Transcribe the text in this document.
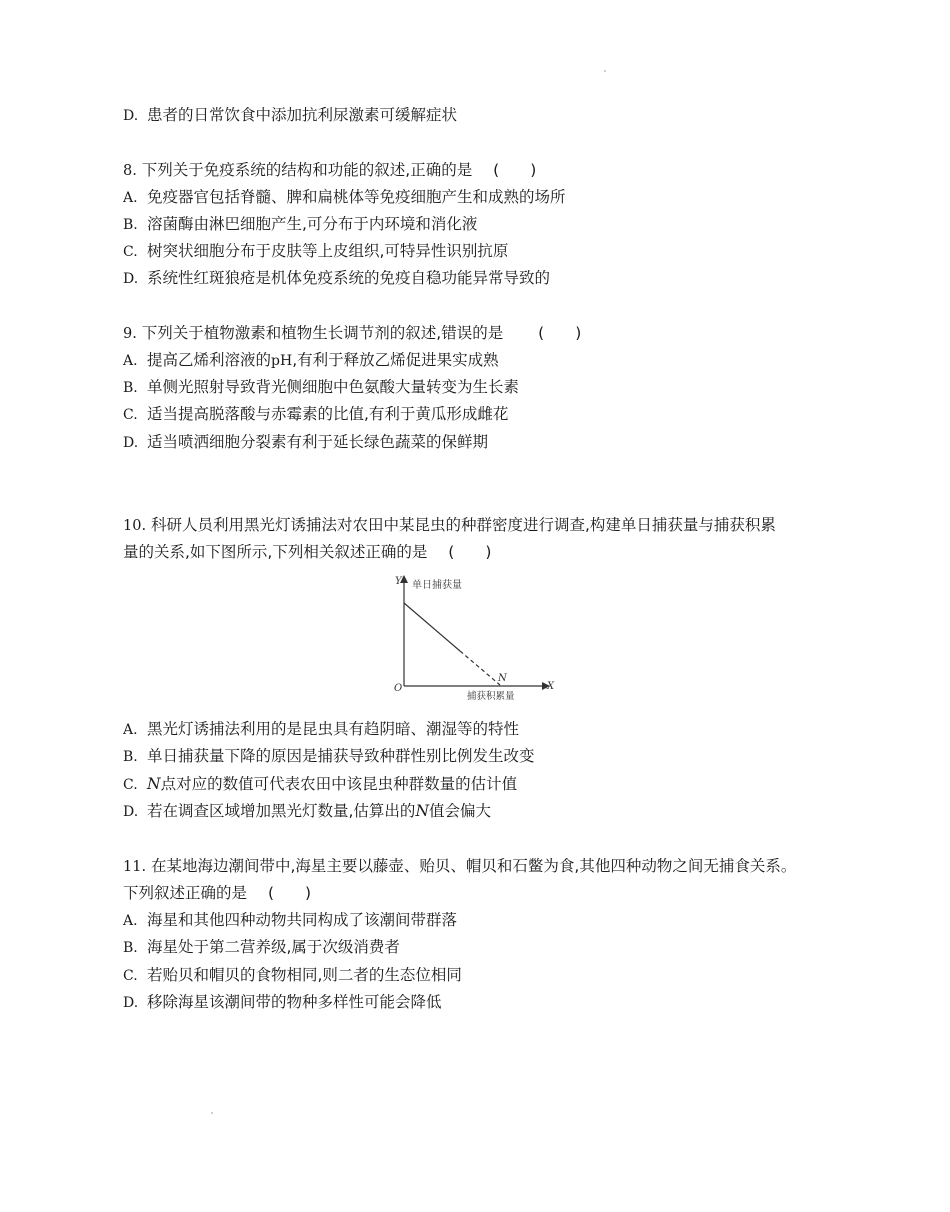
D. 患者的日常饮食中添加抗利尿激素可缓解症状
8. 下列关于免疫系统的结构和功能的叙述,正确的是 (　　)
A. 免疫器官包括脊髓、脾和扁桃体等免疫细胞产生和成熟的场所
B. 溶菌酶由淋巴细胞产生,可分布于内环境和消化液
C. 树突状细胞分布于皮肤等上皮组织,可特异性识别抗原
D. 系统性红斑狼疮是机体免疫系统的免疫自稳功能异常导致的
9. 下列关于植物激素和植物生长调节剂的叙述,错误的是 (　　)
A. 提高乙烯利溶液的pH,有利于释放乙烯促进果实成熟
B. 单侧光照射导致背光侧细胞中色氨酸大量转变为生长素
C. 适当提高脱落酸与赤霉素的比值,有利于黄瓜形成雌花
D. 适当喷洒细胞分裂素有利于延长绿色蔬菜的保鲜期
10. 科研人员利用黑光灯诱捕法对农田中某昆虫的种群密度进行调查,构建单日捕获量与捕获积累
量的关系,如下图所示,下列相关叙述正确的是 (　　)
Y 单日捕获量
X
捕获积累量
O
N
A. 黑光灯诱捕法利用的是昆虫具有趋阴暗、潮湿等的特性
B. 单日捕获量下降的原因是捕获导致种群性别比例发生改变
C. N点对应的数值可代表农田中该昆虫种群数量的估计值
D. 若在调查区域增加黑光灯数量,估算出的N值会偏大
11. 在某地海边潮间带中,海星主要以藤壶、贻贝、帽贝和石鳖为食,其他四种动物之间无捕食关系。
下列叙述正确的是 (　　)
A. 海星和其他四种动物共同构成了该潮间带群落
B. 海星处于第二营养级,属于次级消费者
C. 若贻贝和帽贝的食物相同,则二者的生态位相同
D. 移除海星该潮间带的物种多样性可能会降低
